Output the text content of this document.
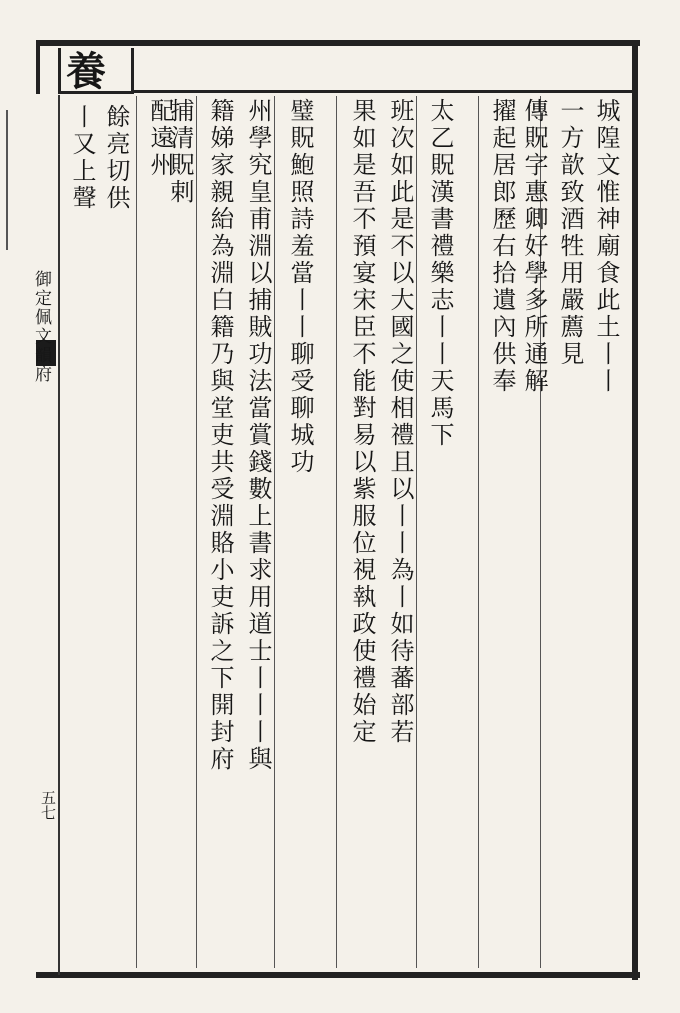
御定佩文韻府
五七
養
城隍文惟神廟食此土丨丨
一方歆致酒牲用嚴薦見
傳貺字惠卿好學多所通解
擢起居郎歷右拾遺內供奉
太乙貺漢書禮樂志丨丨天馬下
班次如此是不以大國之使相禮且以丨丨為丨如待蕃部若
果如是吾不預宴宋臣不能對易以紫服位視執政使禮始定
璧貺鮑照詩羞當丨丨聊受聊城功
州學究皇甫淵以捕賊功法當賞錢數上書求用道士丨丨丨與
籍娣家親紿為淵白籍乃與堂吏共受淵賂小吏訴之下開封府
捕清貺剌
配遠州
餘亮切供
丨又上聲
